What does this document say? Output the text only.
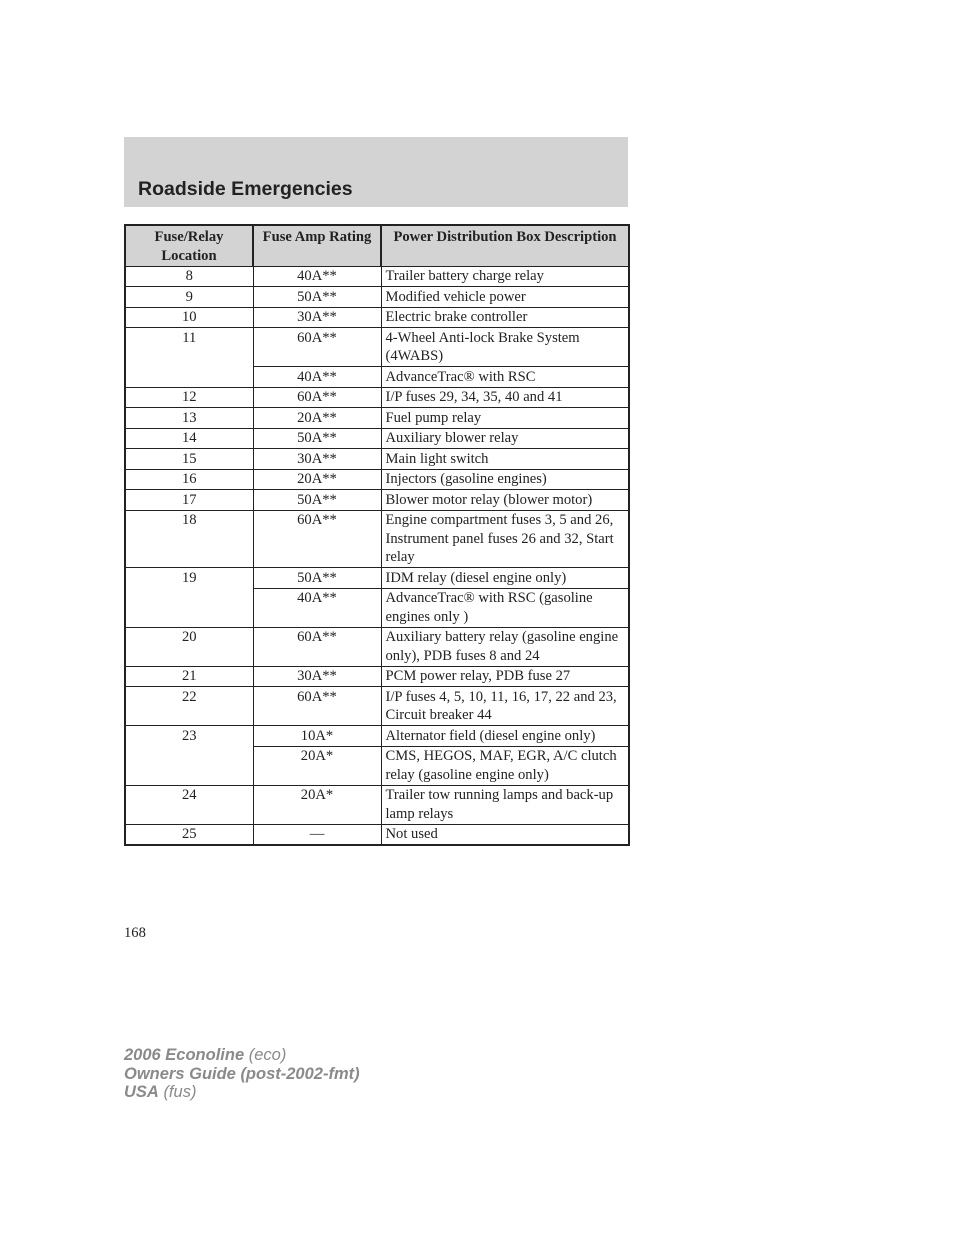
Roadside Emergencies
Fuse/Relay Location	Fuse Amp Rating	Power Distribution Box Description
8	40A**	Trailer battery charge relay
9	50A**	Modified vehicle power
10	30A**	Electric brake controller
11	60A**	4-Wheel Anti-lock Brake System (4WABS)
	40A**	AdvanceTrac® with RSC
12	60A**	I/P fuses 29, 34, 35, 40 and 41
13	20A**	Fuel pump relay
14	50A**	Auxiliary blower relay
15	30A**	Main light switch
16	20A**	Injectors (gasoline engines)
17	50A**	Blower motor relay (blower motor)
18	60A**	Engine compartment fuses 3, 5 and 26, Instrument panel fuses 26 and 32, Start relay
19	50A**	IDM relay (diesel engine only)
	40A**	AdvanceTrac® with RSC (gasoline engines only )
20	60A**	Auxiliary battery relay (gasoline engine only), PDB fuses 8 and 24
21	30A**	PCM power relay, PDB fuse 27
22	60A**	I/P fuses 4, 5, 10, 11, 16, 17, 22 and 23, Circuit breaker 44
23	10A*	Alternator field (diesel engine only)
	20A*	CMS, HEGOS, MAF, EGR, A/C clutch relay (gasoline engine only)
24	20A*	Trailer tow running lamps and back-up lamp relays
25	—	Not used
168
2006 Econoline (eco)
Owners Guide (post-2002-fmt)
USA (fus)
